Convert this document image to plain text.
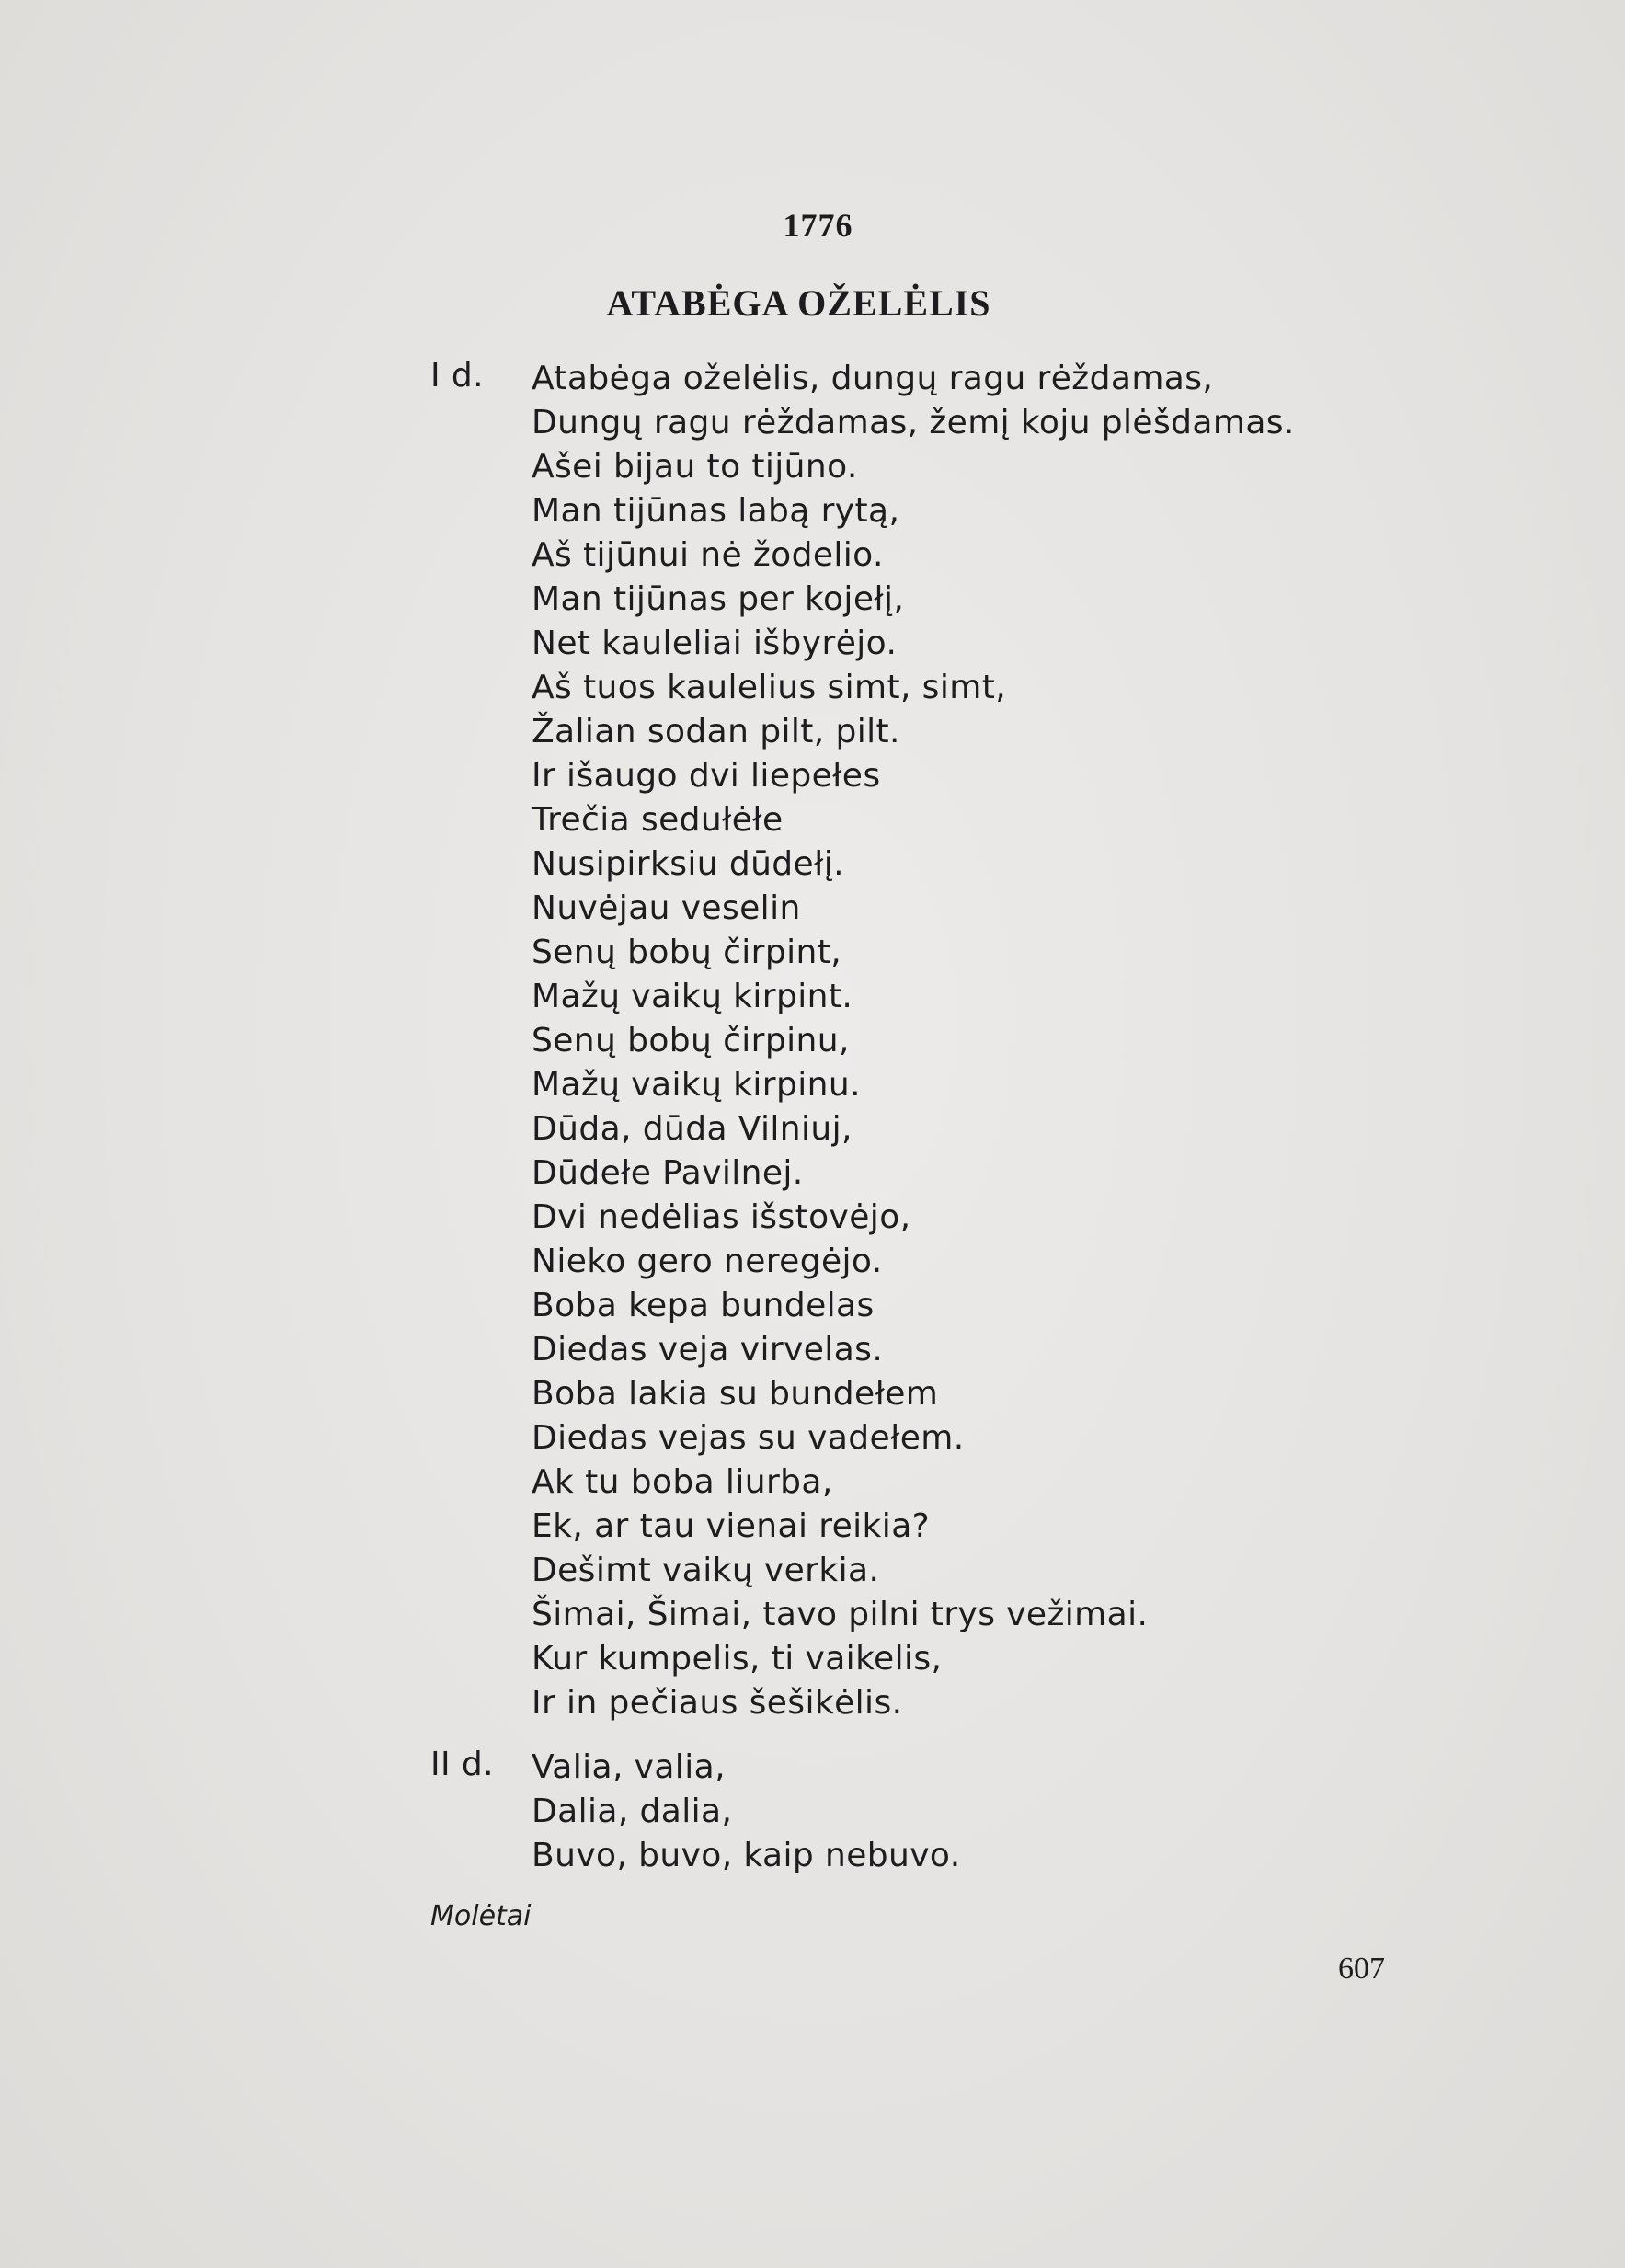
1776
ATABĖGA OŽELĖLIS
I d. Atabėga oželėlis, dungų ragu rėždamas,
Dungų ragu rėždamas, žemį koju plėšdamas.
Ašei bijau to tijūno.
Man tijūnas labą rytą,
Aš tijūnui nė žodelio.
Man tijūnas per kojełį,
Net kauleliai išbyrėjo.
Aš tuos kaulelius simt, simt,
Žalian sodan pilt, pilt.
Ir išaugo dvi liepełes
Trečia sedułėłe
Nusipirksiu dūdełį.
Nuvėjau veselin
Senų bobų čirpint,
Mažų vaikų kirpint.
Senų bobų čirpinu,
Mažų vaikų kirpinu.
Dūda, dūda Vilniuj,
Dūdełe Pavilnej.
Dvi nedėlias išstovėjo,
Nieko gero neregėjo.
Boba kepa bundelas
Diedas veja virvelas.
Boba lakia su bundełem
Diedas vejas su vadełem.
Ak tu boba liurba,
Ek, ar tau vienai reikia?
Dešimt vaikų verkia.
Šimai, Šimai, tavo pilni trys vežimai.
Kur kumpelis, ti vaikelis,
Ir in pečiaus šešikėlis.
II d. Valia, valia,
Dalia, dalia,
Buvo, buvo, kaip nebuvo.
Molėtai
607
